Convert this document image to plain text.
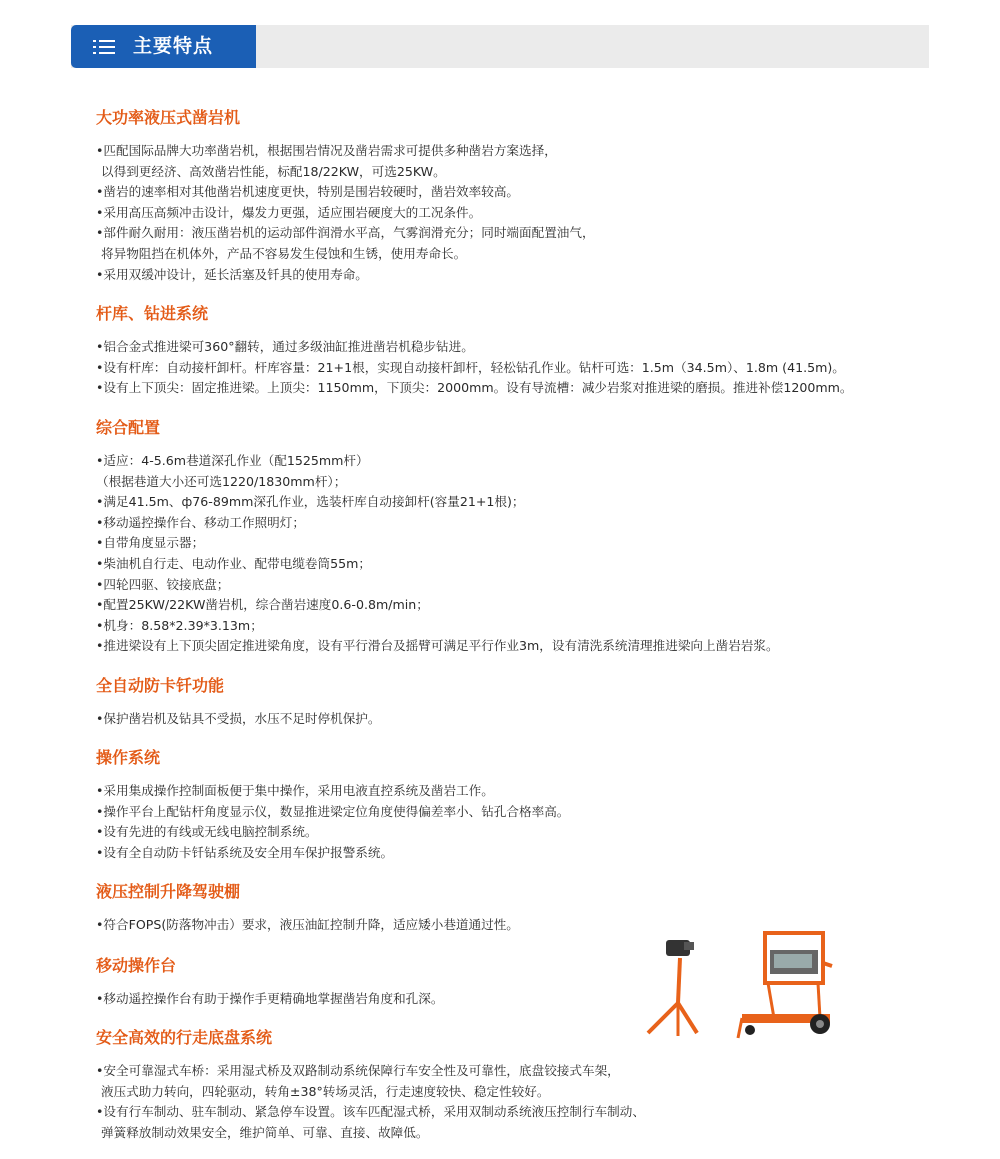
主要特点
大功率液压式凿岩机
•匹配国际品牌大功率凿岩机，根据围岩情况及凿岩需求可提供多种凿岩方案选择，
以得到更经济、高效凿岩性能，标配18/22KW，可选25KW。
•凿岩的速率相对其他凿岩机速度更快，特别是围岩较硬时，凿岩效率较高。
•采用高压高频冲击设计，爆发力更强，适应围岩硬度大的工况条件。
•部件耐久耐用：液压凿岩机的运动部件润滑水平高，气雾润滑充分；同时端面配置油气，
将异物阻挡在机体外，产品不容易发生侵蚀和生锈，使用寿命长。
•采用双缓冲设计，延长活塞及钎具的使用寿命。
杆库、钻进系统
•铝合金式推进梁可360°翻转，通过多级油缸推进凿岩机稳步钻进。
•设有杆库：自动接杆卸杆。杆库容量：21+1根，实现自动接杆卸杆，轻松钻孔作业。钻杆可选：1.5m（34.5m）、1.8m (41.5m)。
•设有上下顶尖：固定推进梁。上顶尖：1150mm，下顶尖：2000mm。设有导流槽：减少岩浆对推进梁的磨损。推进补偿1200mm。
综合配置
•适应：4-5.6m巷道深孔作业（配1525mm杆）
（根据巷道大小还可选1220/1830mm杆）；
•满足41.5m、ф76-89mm深孔作业，选装杆库自动接卸杆(容量21+1根)；
•移动遥控操作台、移动工作照明灯；
•自带角度显示器；
•柴油机自行走、电动作业、配带电缆卷筒55m；
•四轮四驱、铰接底盘；
•配置25KW/22KW凿岩机，综合凿岩速度0.6-0.8m/min；
•机身：8.58*2.39*3.13m；
•推进梁设有上下顶尖固定推进梁角度，设有平行滑台及摇臂可满足平行作业3m，设有清洗系统清理推进梁向上凿岩岩浆。
全自动防卡钎功能
•保护凿岩机及钻具不受损，水压不足时停机保护。
操作系统
•采用集成操作控制面板便于集中操作，采用电液直控系统及凿岩工作。
•操作平台上配钻杆角度显示仪，数显推进梁定位角度使得偏差率小、钻孔合格率高。
•设有先进的有线或无线电脑控制系统。
•设有全自动防卡钎钻系统及安全用车保护报警系统。
液压控制升降驾驶棚
•符合FOPS(防落物冲击）要求，液压油缸控制升降，适应矮小巷道通过性。
移动操作台
•移动遥控操作台有助于操作手更精确地掌握凿岩角度和孔深。
安全高效的行走底盘系统
•安全可靠湿式车桥：采用湿式桥及双路制动系统保障行车安全性及可靠性，底盘铰接式车架，
液压式助力转向，四轮驱动，转角±38°转场灵活，行走速度较快、稳定性较好。
•设有行车制动、驻车制动、紧急停车设置。该车匹配湿式桥，采用双制动系统液压控制行车制动、
弹簧释放制动效果安全，维护简单、可靠、直接、故障低。
